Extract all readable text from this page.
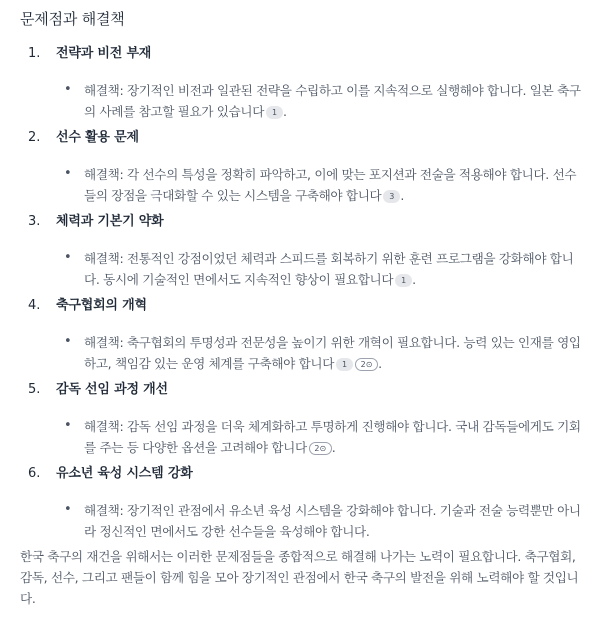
문제점과 해결책
1. 전략과 비전 부재
• 해결책: 장기적인 비전과 일관된 전략을 수립하고 이를 지속적으로 실행해야 합니다. 일본 축구의 사례를 참고할 필요가 있습니다 1 .
2. 선수 활용 문제
• 해결책: 각 선수의 특성을 정확히 파악하고, 이에 맞는 포지션과 전술을 적용해야 합니다. 선수들의 장점을 극대화할 수 있는 시스템을 구축해야 합니다 3 .
3. 체력과 기본기 약화
• 해결책: 전통적인 강점이었던 체력과 스피드를 회복하기 위한 훈련 프로그램을 강화해야 합니다. 동시에 기술적인 면에서도 지속적인 향상이 필요합니다 1 .
4. 축구협회의 개혁
• 해결책: 축구협회의 투명성과 전문성을 높이기 위한 개혁이 필요합니다. 능력 있는 인재를 영입하고, 책임감 있는 운영 체계를 구축해야 합니다 1 2⊙ .
5. 감독 선임 과정 개선
• 해결책: 감독 선임 과정을 더욱 체계화하고 투명하게 진행해야 합니다. 국내 감독들에게도 기회를 주는 등 다양한 옵션을 고려해야 합니다 2⊙ .
6. 유소년 육성 시스템 강화
• 해결책: 장기적인 관점에서 유소년 육성 시스템을 강화해야 합니다. 기술과 전술 능력뿐만 아니라 정신적인 면에서도 강한 선수들을 육성해야 합니다.
한국 축구의 재건을 위해서는 이러한 문제점들을 종합적으로 해결해 나가는 노력이 필요합니다. 축구협회, 감독, 선수, 그리고 팬들이 함께 힘을 모아 장기적인 관점에서 한국 축구의 발전을 위해 노력해야 할 것입니다.
